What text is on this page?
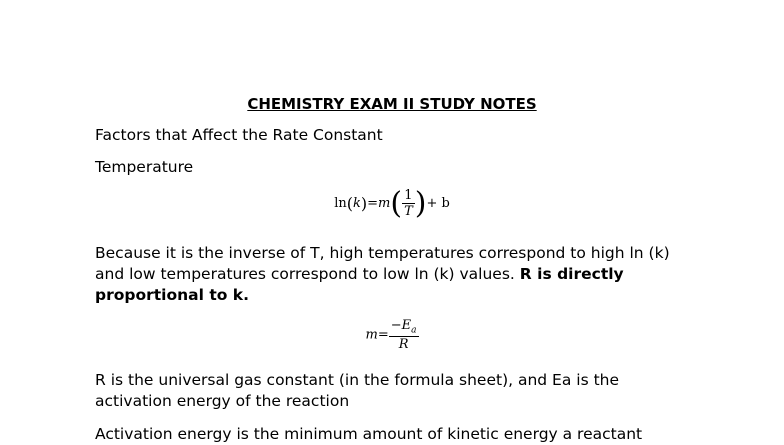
CHEMISTRY EXAM II STUDY NOTES
Factors that Affect the Rate Constant
Temperature
$\ln(k)=m( \frac{1}{T}$ )+ b
Because it is the inverse of T, high temperatures correspond to high ln (k) and low temperatures correspond to low ln (k) values. R is directly proportional to k.
$m= \frac{-E_a}{R}$
R is the universal gas constant (in the formula sheet), and Ea is the activation energy of the reaction
Activation energy is the minimum amount of kinetic energy a reactant
